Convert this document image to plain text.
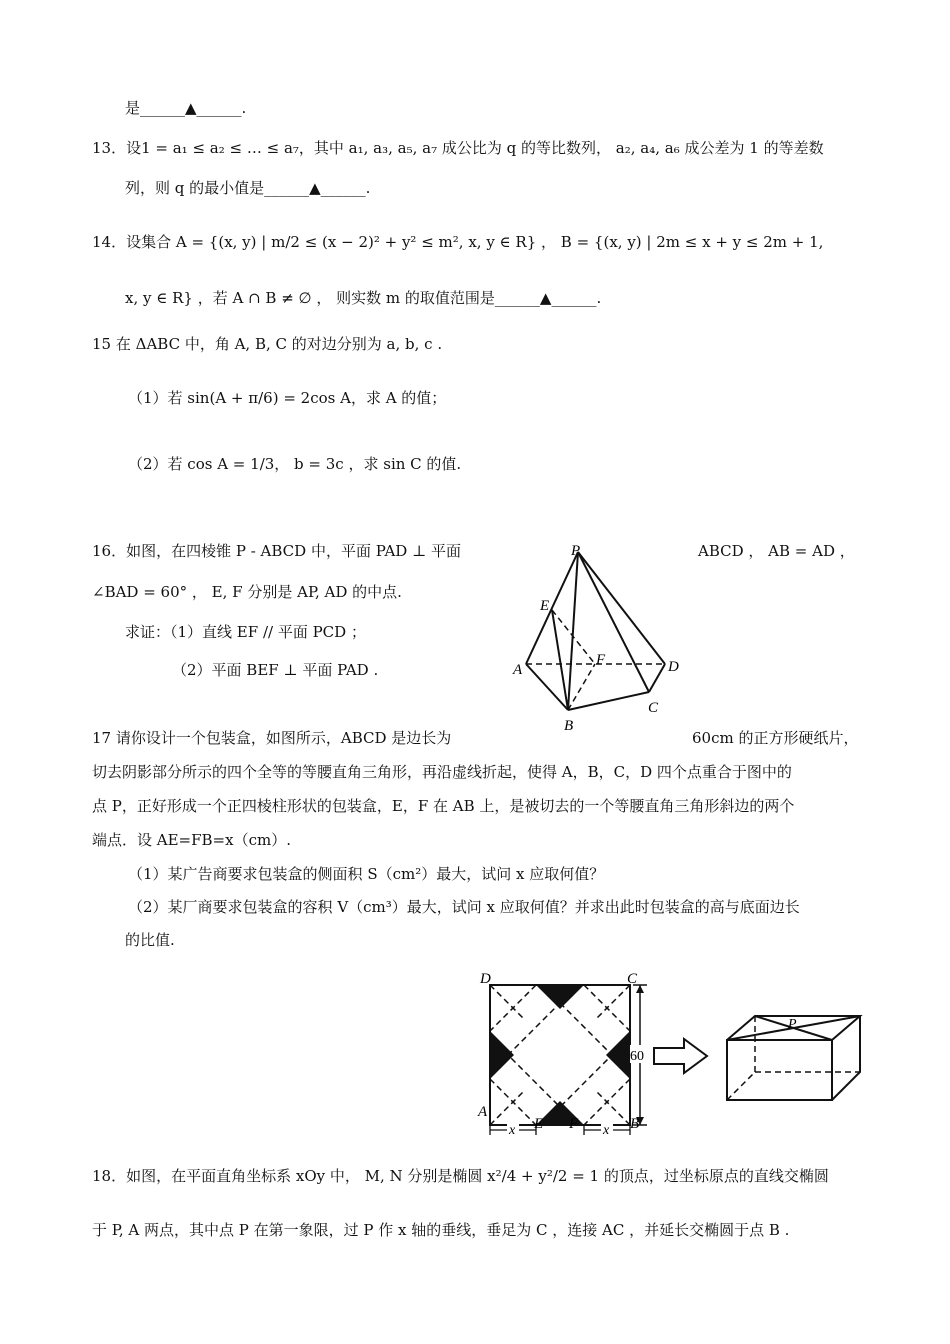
是______▲______.
13．设1 = a₁ ≤ a₂ ≤ … ≤ a₇，其中 a₁, a₃, a₅, a₇ 成公比为 q 的等比数列， a₂, a₄, a₆ 成公差为 1 的等差数
列，则 q 的最小值是______▲______.
14．设集合 A = {(x, y) | m/2 ≤ (x − 2)² + y² ≤ m², x, y ∈ R} ， B = {(x, y) | 2m ≤ x + y ≤ 2m + 1,
x, y ∈ R} ，若 A ∩ B ≠ ∅ ， 则实数 m 的取值范围是______▲______.
15 在 ΔABC 中，角 A, B, C 的对边分别为 a, b, c .
（1）若 sin(A + π/6) = 2cos A，求 A 的值；
（2）若 cos A = 1/3， b = 3c ，求 sin C 的值.
16．如图，在四棱锥 P - ABCD 中，平面 PAD ⊥ 平面	ABCD ， AB = AD ，
∠BAD = 60° ， E, F 分别是 AP, AD 的中点.
求证：（1）直线 EF // 平面 PCD ；
（2）平面 BEF ⊥ 平面 PAD .
17 请你设计一个包装盒，如图所示，ABCD 是边长为	60cm 的正方形硬纸片，
切去阴影部分所示的四个全等的等腰直角三角形，再沿虚线折起，使得 A，B，C，D 四个点重合于图中的
点 P，正好形成一个正四棱柱形状的包装盒，E，F 在 AB 上，是被切去的一个等腰直角三角形斜边的两个
端点．设 AE=FB=x（cm）.
（1）某广告商要求包装盒的侧面积 S（cm²）最大，试问 x 应取何值？
（2）某厂商要求包装盒的容积 V（cm³）最大，试问 x 应取何值？并求出此时包装盒的高与底面边长
的比值.
18．如图，在平面直角坐标系 xOy 中， M, N 分别是椭圆 x²/4 + y²/2 = 1 的顶点，过坐标原点的直线交椭圆
于 P, A 两点，其中点 P 在第一象限，过 P 作 x 轴的垂线，垂足为 C ，连接 AC ，并延长交椭圆于点 B .
P
E
F
A	D
C
B
60
x	x
D	C
A
B
E F
P
